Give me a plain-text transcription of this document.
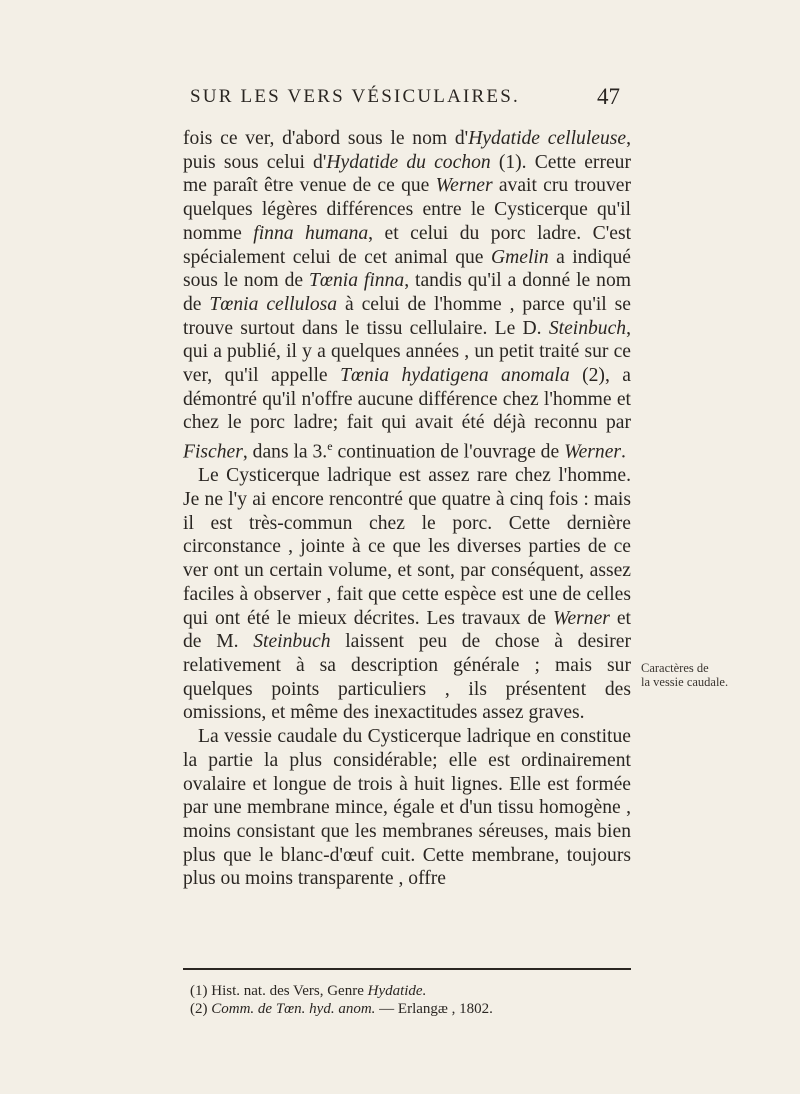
SUR LES VERS VÉSICULAIRES.	47

fois ce ver, d'abord sous le nom d'Hydatide celluleuse, puis sous celui d'Hydatide du cochon (1). Cette erreur me paraît être venue de ce que Werner avait cru trouver quelques légères différences entre le Cysticerque qu'il nomme finna humana, et celui du porc ladre. C'est spécialement celui de cet animal que Gmelin a indiqué sous le nom de Tœnia finna, tandis qu'il a donné le nom de Tœnia cellulosa à celui de l'homme , parce qu'il se trouve surtout dans le tissu cellulaire. Le D. Steinbuch, qui a publié, il y a quelques années , un petit traité sur ce ver, qu'il appelle Tœnia hydatigena anomala (2), a démontré qu'il n'offre aucune différence chez l'homme et chez le porc ladre; fait qui avait été déjà reconnu par Fischer, dans la 3.$^e$ continuation de l'ouvrage de Werner.

Le Cysticerque ladrique est assez rare chez l'homme. Je ne l'y ai encore rencontré que quatre à cinq fois : mais il est très-commun chez le porc. Cette dernière circonstance , jointe à ce que les diverses parties de ce ver ont un certain volume, et sont, par conséquent, assez faciles à observer , fait que cette espèce est une de celles qui ont été le mieux décrites. Les travaux de Werner et de M. Steinbuch laissent peu de chose à desirer relativement à sa description générale ; mais sur quelques points particuliers , ils présentent des omissions, et même des inexactitudes assez graves.

La vessie caudale du Cysticerque ladrique en constitue la partie la plus considérable; elle est ordinairement ovalaire et longue de trois à huit lignes. Elle est formée par une membrane mince, égale et d'un tissu homogène , moins consistant que les membranes séreuses, mais bien plus que le blanc-d'œuf cuit. Cette membrane, toujours plus ou moins transparente , offre

Caractères de
la vessie caudale.

(1) Hist. nat. des Vers, Genre Hydatide.

(2) Comm. de Tœn. hyd. anom. — Erlangæ , 1802.
